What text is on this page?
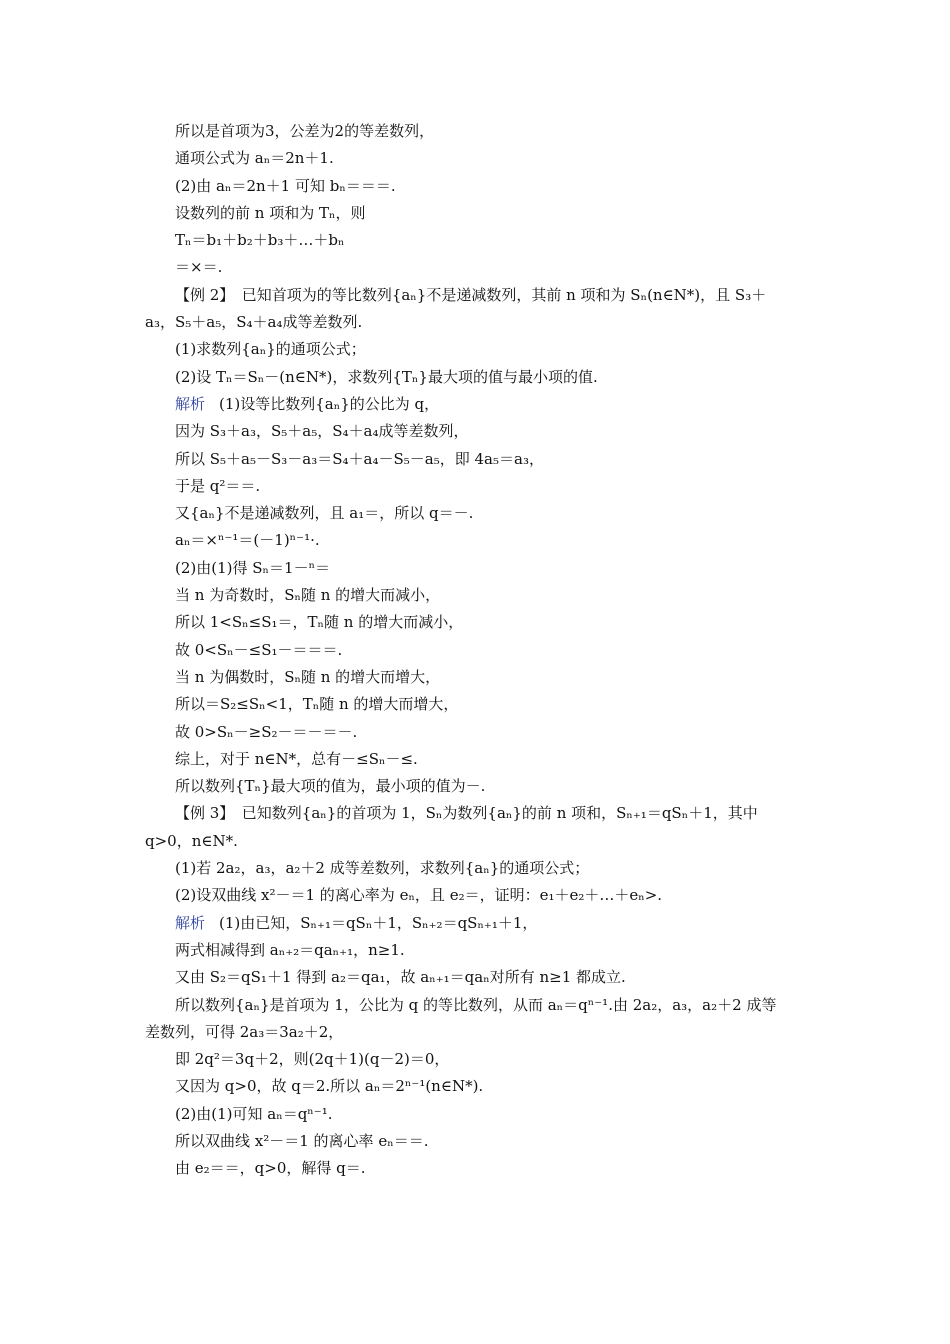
所以是首项为3，公差为2的等差数列，
通项公式为 aₙ＝2n＋1.
(2)由 aₙ＝2n＋1 可知 bₙ＝＝＝.
设数列的前 n 项和为 Tₙ，则
Tₙ＝b₁＋b₂＋b₃＋…＋bₙ
＝×＝.
【例 2】　已知首项为的等比数列{aₙ}不是递减数列，其前 n 项和为 Sₙ(n∈N*)，且 S₃＋
a₃，S₅＋a₅，S₄＋a₄成等差数列.
(1)求数列{aₙ}的通项公式；
(2)设 Tₙ＝Sₙ－(n∈N*)，求数列{Tₙ}最大项的值与最小项的值.
解析 (1)设等比数列{aₙ}的公比为 q，
因为 S₃＋a₃，S₅＋a₅，S₄＋a₄成等差数列，
所以 S₅＋a₅－S₃－a₃＝S₄＋a₄－S₅－a₅，即 4a₅＝a₃，
于是 q²＝＝.
又{aₙ}不是递减数列，且 a₁＝，所以 q＝－.
aₙ＝×ⁿ⁻¹＝(－1)ⁿ⁻¹·.
(2)由(1)得 Sₙ＝1－ⁿ＝
当 n 为奇数时，Sₙ随 n 的增大而减小，
所以 1<Sₙ≤S₁＝，Tₙ随 n 的增大而减小，
故 0<Sₙ－≤S₁－＝＝＝.
当 n 为偶数时，Sₙ随 n 的增大而增大，
所以＝S₂≤Sₙ<1，Tₙ随 n 的增大而增大，
故 0>Sₙ－≥S₂－＝－＝－.
综上，对于 n∈N*，总有－≤Sₙ－≤.
所以数列{Tₙ}最大项的值为，最小项的值为－.
【例 3】　已知数列{aₙ}的首项为 1，Sₙ为数列{aₙ}的前 n 项和，Sₙ₊₁＝qSₙ＋1，其中
q>0，n∈N*.
(1)若 2a₂，a₃，a₂＋2 成等差数列，求数列{aₙ}的通项公式；
(2)设双曲线 x²－＝1 的离心率为 eₙ，且 e₂＝，证明：e₁＋e₂＋…＋eₙ>.
解析 (1)由已知，Sₙ₊₁＝qSₙ＋1，Sₙ₊₂＝qSₙ₊₁＋1，
两式相减得到 aₙ₊₂＝qaₙ₊₁，n≥1.
又由 S₂＝qS₁＋1 得到 a₂＝qa₁，故 aₙ₊₁＝qaₙ对所有 n≥1 都成立.
所以数列{aₙ}是首项为 1，公比为 q 的等比数列，从而 aₙ＝qⁿ⁻¹.由 2a₂，a₃，a₂＋2 成等
差数列，可得 2a₃＝3a₂＋2，
即 2q²＝3q＋2，则(2q＋1)(q－2)＝0，
又因为 q>0，故 q＝2.所以 aₙ＝2ⁿ⁻¹(n∈N*).
(2)由(1)可知 aₙ＝qⁿ⁻¹.
所以双曲线 x²－＝1 的离心率 eₙ＝＝.
由 e₂＝＝，q>0，解得 q＝.
